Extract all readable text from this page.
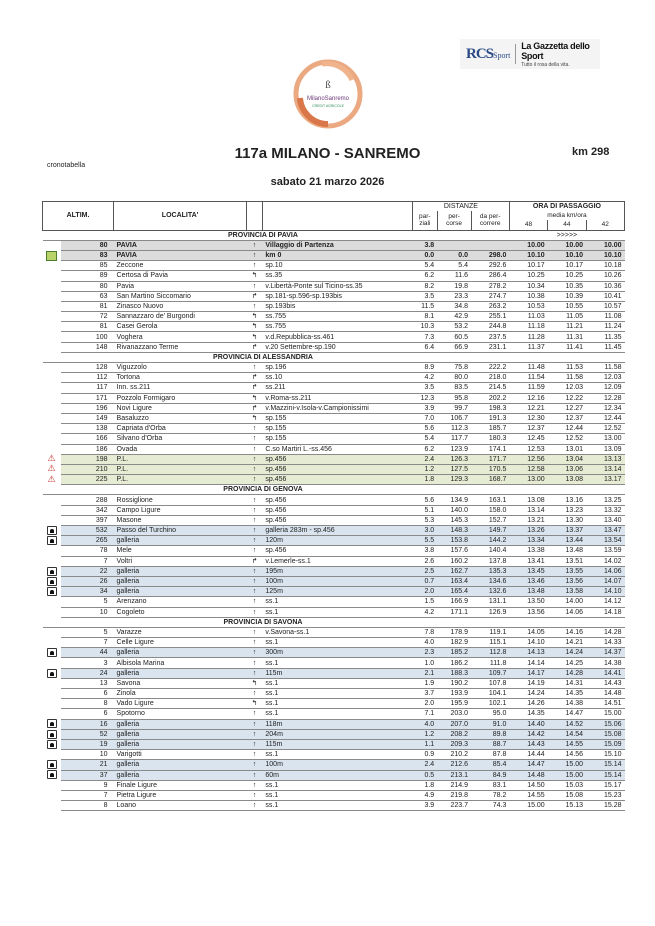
ß
MilanoSanremo
CREDIT AGRICOLE
RCSSport
La Gazzetta dello Sport
Tutto il rosa della vita.
117a MILANO - SANREMO	km 298
cronotabella
sabato 21 marzo 2026
ALTIM.		LOCALITA'			DISTANZE			ORA DI PASSAGGIO		
					par- ziali	per- corse	da per- correre	media km/ora		
								48	44	42
		PROVINCIA DI PAVIA						>>>>>		
	80	PAVIA	↑	Villaggio di Partenza	3.8			10.00	10.00	10.00
	83	PAVIA	↑	km 0	0.0	0.0	298.0	10.10	10.10	10.10
	85	Zeccone	↑	sp.10	5.4	5.4	292.6	10.17	10.17	10.18
	89	Certosa di Pavia	↰	ss.35	6.2	11.6	286.4	10.25	10.25	10.26
	80	Pavia	↑	v.Libertà-Ponte sul Ticino-ss.35	8.2	19.8	278.2	10.34	10.35	10.36
	63	San Martino Siccomario	↱	sp.181-sp.596-sp.193bis	3.5	23.3	274.7	10.38	10.39	10.41
	81	Zinasco Nuovo	↑	sp.193bis	11.5	34.8	263.2	10.53	10.55	10.57
	72	Sannazzaro de' Burgondi	↰	ss.755	8.1	42.9	255.1	11.03	11.05	11.08
	81	Casei Gerola	↰	ss.755	10.3	53.2	244.8	11.18	11.21	11.24
	100	Voghera	↰	v.d.Repubblica-ss.461	7.3	60.5	237.5	11.28	11.31	11.35
	148	Rivanazzano Terme	↱	v.20 Settembre-sp.190	6.4	66.9	231.1	11.37	11.41	11.45
		PROVINCIA DI ALESSANDRIA								
	128	Viguzzolo	↑	sp.196	8.9	75.8	222.2	11.48	11.53	11.58
	112	Tortona	↱	ss.10	4.2	80.0	218.0	11.54	11.58	12.03
	117	Inn. ss.211	↱	ss.211	3.5	83.5	214.5	11.59	12.03	12.09
	171	Pozzolo Formigaro	↰	v.Roma-ss.211	12.3	95.8	202.2	12.16	12.22	12.28
	196	Novi Ligure	↱	v.Mazzini-v.Isola-v.Campionissimi	3.9	99.7	198.3	12.21	12.27	12.34
	149	Basaluzzo	↰	sp.155	7.0	106.7	191.3	12.30	12.37	12.44
	138	Capriata d'Orba	↑	sp.155	5.6	112.3	185.7	12.37	12.44	12.52
	166	Silvano d'Orba	↑	sp.155	5.4	117.7	180.3	12.45	12.52	13.00
	186	Ovada	↑	C.so Martiri L.-ss.456	6.2	123.9	174.1	12.53	13.01	13.09
⚠	198	P.L.	↑	sp.456	2.4	126.3	171.7	12.56	13.04	13.13
⚠	210	P.L.	↑	sp.456	1.2	127.5	170.5	12.58	13.06	13.14
⚠	225	P.L.	↑	sp.456	1.8	129.3	168.7	13.00	13.08	13.17
		PROVINCIA DI GENOVA								
	288	Rossiglione	↑	sp.456	5.6	134.9	163.1	13.08	13.16	13.25
	342	Campo Ligure	↑	sp.456	5.1	140.0	158.0	13.14	13.23	13.32
	397	Masone	↑	sp.456	5.3	145.3	152.7	13.21	13.30	13.40
	532	Passo del Turchino	↑	galleria 283m - sp.456	3.0	148.3	149.7	13.26	13.37	13.47
	265	galleria	↑	120m	5.5	153.8	144.2	13.34	13.44	13.54
	78	Mele	↑	sp.456	3.8	157.6	140.4	13.38	13.48	13.59
	7	Voltri	↱	v.Lemerle-ss.1	2.6	160.2	137.8	13.41	13.51	14.02
	22	galleria	↑	195m	2.5	162.7	135.3	13.45	13.55	14.06
	26	galleria	↑	100m	0.7	163.4	134.6	13.46	13.56	14.07
	34	galleria	↑	125m	2.0	165.4	132.6	13.48	13.58	14.10
	5	Arenzano	↑	ss.1	1.5	166.9	131.1	13.50	14.00	14.12
	10	Cogoleto	↑	ss.1	4.2	171.1	126.9	13.56	14.06	14.18
		PROVINCIA DI SAVONA								
	5	Varazze	↑	v.Savona-ss.1	7.8	178.9	119.1	14.05	14.16	14.28
	7	Celle Ligure	↑	ss.1	4.0	182.9	115.1	14.10	14.21	14.33
	44	galleria	↑	300m	2.3	185.2	112.8	14.13	14.24	14.37
	3	Albisola Marina	↑	ss.1	1.0	186.2	111.8	14.14	14.25	14.38
	24	galleria	↑	115m	2.1	188.3	109.7	14.17	14.28	14.41
	13	Savona	↰	ss.1	1.9	190.2	107.8	14.19	14.31	14.43
	6	Zinola	↑	ss.1	3.7	193.9	104.1	14.24	14.35	14.48
	8	Vado Ligure	↰	ss.1	2.0	195.9	102.1	14.26	14.38	14.51
	6	Spotorno	↑	ss.1	7.1	203.0	95.0	14.35	14.47	15.00
	16	galleria	↑	118m	4.0	207.0	91.0	14.40	14.52	15.06
	52	galleria	↑	204m	1.2	208.2	89.8	14.42	14.54	15.08
	19	galleria	↑	115m	1.1	209.3	88.7	14.43	14.55	15.09
	10	Varigotti	↑	ss.1	0.9	210.2	87.8	14.44	14.56	15.10
	21	galleria	↑	100m	2.4	212.6	85.4	14.47	15.00	15.14
	37	galleria	↑	60m	0.5	213.1	84.9	14.48	15.00	15.14
	9	Finale Ligure	↑	ss.1	1.8	214.9	83.1	14.50	15.03	15.17
	7	Pietra Ligure	↑	ss.1	4.9	219.8	78.2	14.55	15.08	15.23
	8	Loano	↑	ss.1	3.9	223.7	74.3	15.00	15.13	15.28
